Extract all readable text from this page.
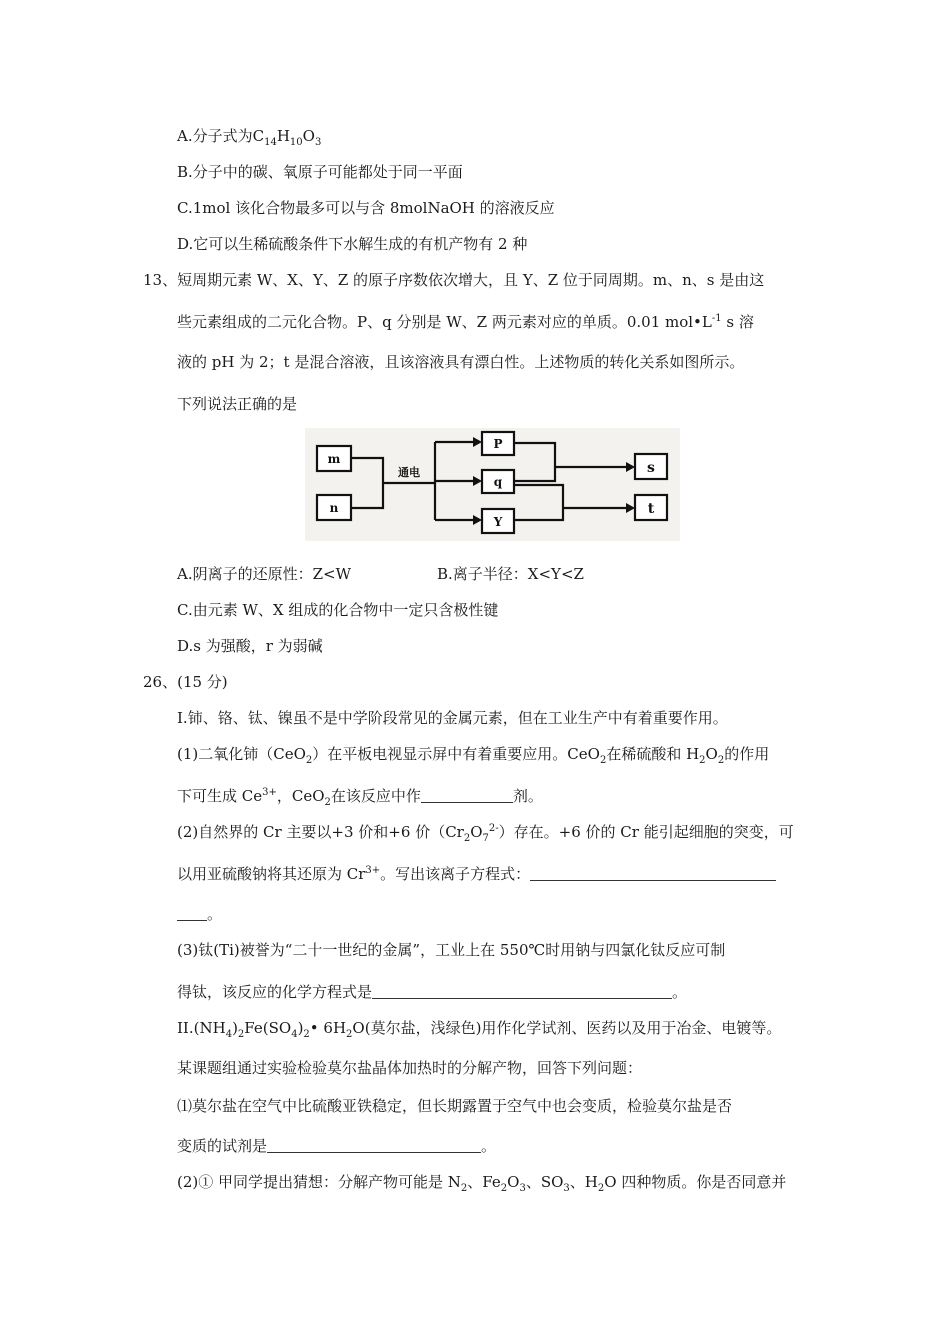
A.分子式为$C_{14}H_{10}O_3$
B.分子中的碳、氧原子可能都处于同一平面
C.1mol 该化合物最多可以与含 8molNaOH 的溶液反应
D.它可以生稀硫酸条件下水解生成的有机产物有 2 种
13、短周期元素 W、X、Y、Z 的原子序数依次增大，且 Y、Z 位于同周期。m、n、s 是由这
些元素组成的二元化合物。P、q 分别是 W、Z 两元素对应的单质。0.01 $mol•L^{-1}$ s 溶
液的 pH 为 2；t 是混合溶液，且该溶液具有漂白性。上述物质的转化关系如图所示。
下列说法正确的是
m
n
通电
P
q
Y
s
t
A.阴离子的还原性：Z<W	B.离子半径：X<Y<Z
C.由元素 W、X 组成的化合物中一定只含极性键
D.s 为强酸，r 为弱碱
26、(15 分)
I.铈、铬、钛、镍虽不是中学阶段常见的金属元素，但在工业生产中有着重要作用。
(1)二氧化铈（CeO$_2$）在平板电视显示屏中有着重要应用。CeO$_2$在稀硫酸和 $H_2O_2$的作用
下可生成 $Ce^{3+}$，CeO$_2$在该反应中作	剂。
(2)自然界的 Cr 主要以+3 价和+6 价$(Cr_2O_7^{2-})$存在。+6 价的 Cr 能引起细胞的突变，可
以用亚硫酸钠将其还原为 $Cr^{3+}$。写出该离子方程式：
。
(3)钛(Ti)被誉为“二十一世纪的金属”，工业上在 550℃时用钠与四氯化钛反应可制
得钛，该反应的化学方程式是	。
$II.(NH_4)_2Fe(SO_4)_2•$ $6H_2O$(莫尔盐，浅绿色)用作化学试剂、医药以及用于冶金、电镀等。
某课题组通过实验检验莫尔盐晶体加热时的分解产物，回答下列问题：
⑴莫尔盐在空气中比硫酸亚铁稳定，但长期露置于空气中也会变质，检验莫尔盐是否
变质的试剂是	。
(2)① 甲同学提出猜想：分解产物可能是 $N_2$、$Fe_2O_3$、$SO_3$、$H_2O$ 四种物质。你是否同意并
